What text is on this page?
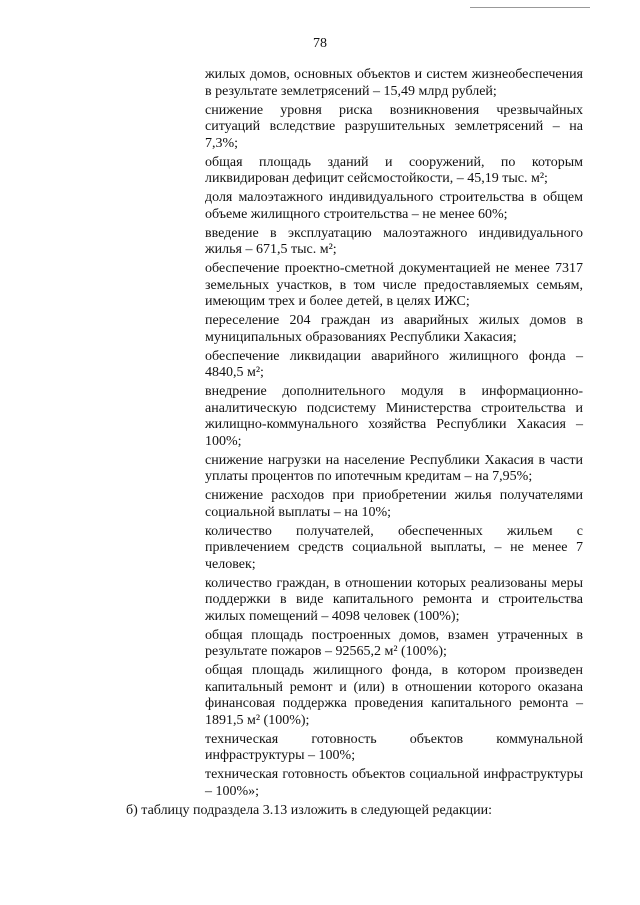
78

жилых домов, основных объектов и систем жизнеобеспечения в результате землетрясений – 15,49 млрд рублей;

снижение уровня риска возникновения чрезвычайных ситуаций вследствие разрушительных землетрясений – на 7,3%;

общая площадь зданий и сооружений, по которым ликвидирован дефицит сейсмостойкости, – 45,19 тыс. м²;

доля малоэтажного индивидуального строительства в общем объеме жилищного строительства – не менее 60%;

введение в эксплуатацию малоэтажного индивидуального жилья – 671,5 тыс. м²;

обеспечение проектно-сметной документацией не менее 7317 земельных участков, в том числе предоставляемых семьям, имеющим трех и более детей, в целях ИЖС;

переселение 204 граждан из аварийных жилых домов в муниципальных образованиях Республики Хакасия;

обеспечение ликвидации аварийного жилищного фонда – 4840,5 м²;

внедрение дополнительного модуля в информационно-аналитическую подсистему Министерства строительства и жилищно-коммунального хозяйства Республики Хакасия – 100%;

снижение нагрузки на население Республики Хакасия в части уплаты процентов по ипотечным кредитам – на 7,95%;

снижение расходов при приобретении жилья получателями социальной выплаты – на 10%;

количество получателей, обеспеченных жильем с привлечением средств социальной выплаты, – не менее 7 человек;

количество граждан, в отношении которых реализованы меры поддержки в виде капитального ремонта и строительства жилых помещений – 4098 человек (100%);

общая площадь построенных домов, взамен утраченных в результате пожаров – 92565,2 м² (100%);

общая площадь жилищного фонда, в котором произведен капитальный ремонт и (или) в отношении которого оказана финансовая поддержка проведения капитального ремонта – 1891,5 м² (100%);

техническая готовность объектов коммунальной инфраструктуры – 100%;

техническая готовность объектов социальной инфраструктуры – 100%»;

б) таблицу подраздела 3.13 изложить в следующей редакции:
